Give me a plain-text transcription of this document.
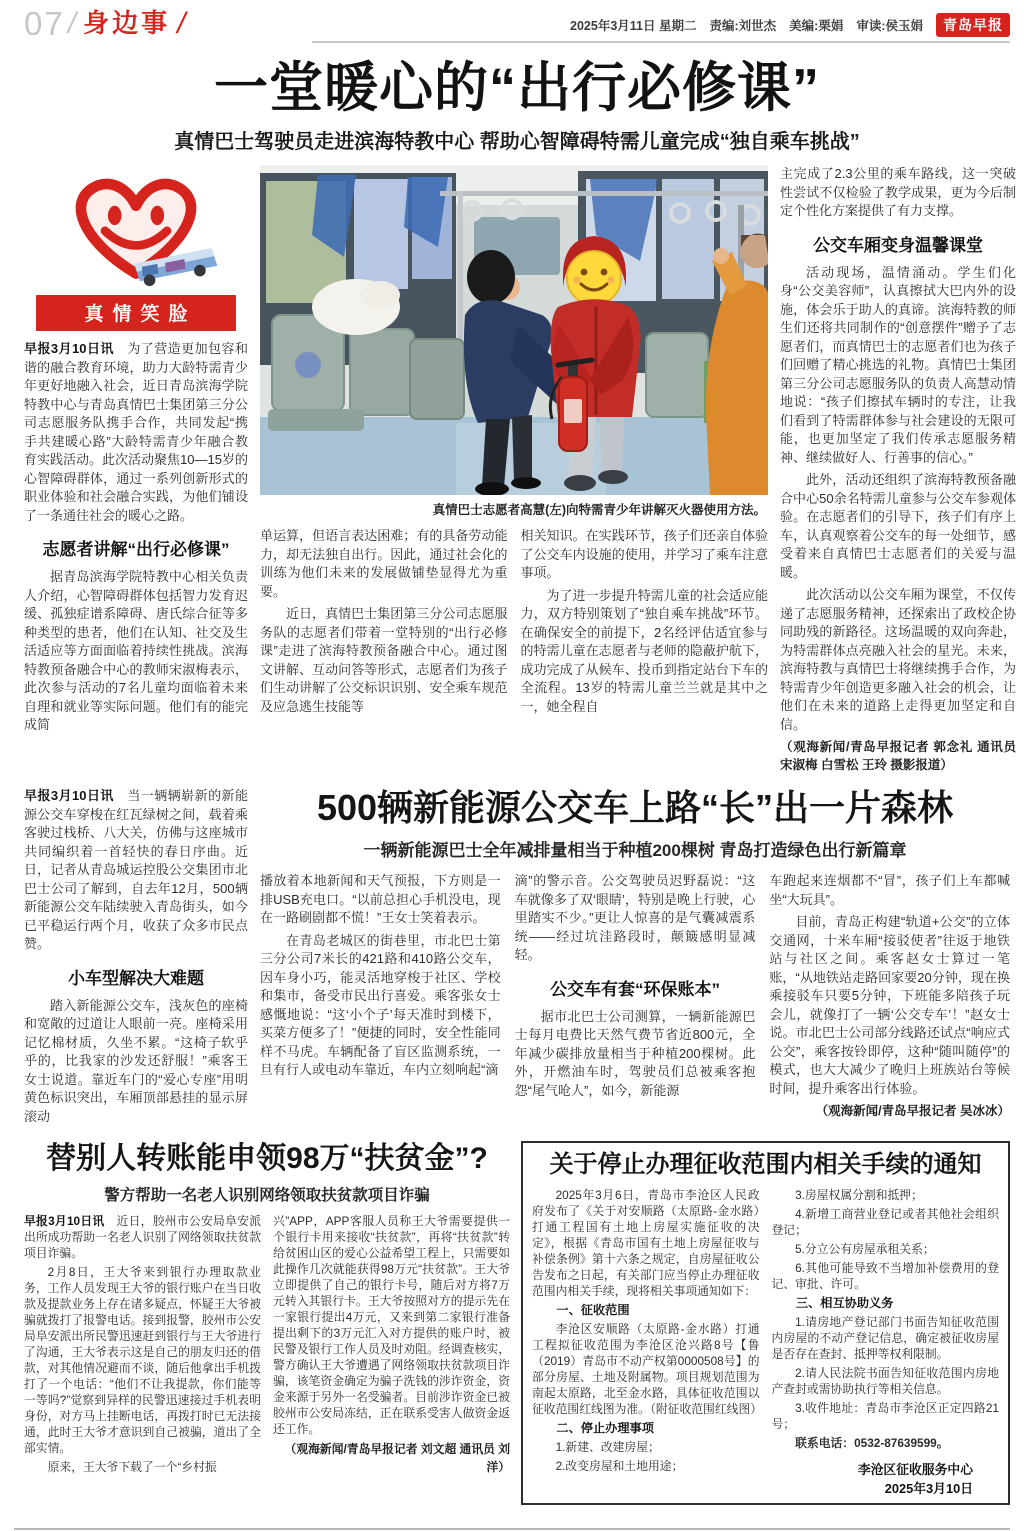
07 / 身边事 /	2025年3月11日 星期二 责编:刘世杰 美编:栗娟 审读:侯玉娟	青岛早报
一堂暖心的“出行必修课”
真情巴士驾驶员走进滨海特教中心 帮助心智障碍特需儿童完成“独自乘车挑战”
真情笑脸

早报3月10日讯　为了营造更加包容和谐的融合教育环境，助力大龄特需青少年更好地融入社会，近日青岛滨海学院特教中心与青岛真情巴士集团第三分公司志愿服务队携手合作，共同发起“携手共建暖心路”大龄特需青少年融合教育实践活动。此次活动聚焦10—15岁的心智障碍群体，通过一系列创新形式的职业体验和社会融合实践，为他们铺设了一条通往社会的暖心之路。

志愿者讲解“出行必修课”

据青岛滨海学院特教中心相关负责人介绍，心智障碍群体包括智力发育迟缓、孤独症谱系障碍、唐氏综合征等多种类型的患者，他们在认知、社交及生活适应等方面面临着持续性挑战。滨海特教预备融合中心的教师宋淑梅表示，此次参与活动的7名儿童均面临着未来自理和就业等实际问题。他们有的能完成简

真情巴士志愿者高慧(左)向特需青少年讲解灭火器使用方法。

单运算，但语言表达困难；有的具备劳动能力，却无法独自出行。因此，通过社会化的训练为他们未来的发展做铺垫显得尤为重要。

近日，真情巴士集团第三分公司志愿服务队的志愿者们带着一堂特别的“出行必修课”走进了滨海特教预备融合中心。通过图文讲解、互动问答等形式，志愿者们为孩子们生动讲解了公交标识识别、安全乘车规范及应急逃生技能等

相关知识。在实践环节，孩子们还亲自体验了公交车内设施的使用，并学习了乘车注意事项。

为了进一步提升特需儿童的社会适应能力，双方特别策划了“独自乘车挑战”环节。在确保安全的前提下，2名经评估适宜参与的特需儿童在志愿者与老师的隐蔽护航下，成功完成了从候车、投币到指定站台下车的全流程。13岁的特需儿童兰兰就是其中之一，她全程自

主完成了2.3公里的乘车路线，这一突破性尝试不仅检验了教学成果，更为今后制定个性化方案提供了有力支撑。

公交车厢变身温馨课堂

活动现场，温情涌动。学生们化身“公交美容师”，认真擦拭大巴内外的设施，体会乐于助人的真谛。滨海特教的师生们还将共同制作的“创意摆件”赠予了志愿者们，而真情巴士的志愿者们也为孩子们回赠了精心挑选的礼物。真情巴士集团第三分公司志愿服务队的负责人高慧动情地说：“孩子们擦拭车辆时的专注，让我们看到了特需群体参与社会建设的无限可能，也更加坚定了我们传承志愿服务精神、继续做好人、行善事的信心。”

此外，活动还组织了滨海特教预备融合中心50余名特需儿童参与公交车参观体验。在志愿者们的引导下，孩子们有序上车，认真观察着公交车的每一处细节，感受着来自真情巴士志愿者们的关爱与温暖。

此次活动以公交车厢为课堂，不仅传递了志愿服务精神，还探索出了政校企协同助残的新路径。这场温暖的双向奔赴，为特需群体点亮融入社会的星光。未来，滨海特教与真情巴士将继续携手合作，为特需青少年创造更多融入社会的机会，让他们在未来的道路上走得更加坚定和自信。

（观海新闻/青岛早报记者 郭念礼 通讯员 宋淑梅 白雪松 王玲 摄影报道）

早报3月10日讯　当一辆辆崭新的新能源公交车穿梭在红瓦绿树之间，载着乘客驶过栈桥、八大关，仿佛与这座城市共同编织着一首轻快的春日序曲。近日，记者从青岛城运控股公交集团市北巴士公司了解到，自去年12月，500辆新能源公交车陆续驶入青岛街头，如今已平稳运行两个月，收获了众多市民点赞。

小车型解决大难题

踏入新能源公交车，浅灰色的座椅和宽敞的过道让人眼前一亮。座椅采用记忆棉材质，久坐不累。“这椅子软乎乎的，比我家的沙发还舒服！”乘客王女士说道。靠近车门的“爱心专座”用明黄色标识突出，车厢顶部悬挂的显示屏滚动

500辆新能源公交车上路“长”出一片森林
一辆新能源巴士全年减排量相当于种植200棵树 青岛打造绿色出行新篇章

播放着本地新闻和天气预报，下方则是一排USB充电口。“以前总担心手机没电，现在一路刷剧都不慌！”王女士笑着表示。

在青岛老城区的街巷里，市北巴士第三分公司7米长的421路和410路公交车，因车身小巧，能灵活地穿梭于社区、学校和集市，备受市民出行喜爱。乘客张女士感慨地说：“这‘小个子’每天准时到楼下，买菜方便多了！”便捷的同时，安全性能同样不马虎。车辆配备了盲区监测系统，一旦有行人或电动车靠近，车内立刻响起“滴

滴”的警示音。公交驾驶员迟野磊说：“这车就像多了双‘眼睛’，特别是晚上行驶，心里踏实不少。”更让人惊喜的是气囊减震系统——经过坑洼路段时，颠簸感明显减轻。

公交车有套“环保账本”

据市北巴士公司测算，一辆新能源巴士每月电费比天然气费节省近800元，全年减少碳排放量相当于种植200棵树。此外，开燃油车时，驾驶员们总被乘客抱怨“尾气呛人”，如今，新能源

车跑起来连烟都不“冒”，孩子们上车都喊坐“大玩具”。

目前，青岛正构建“轨道+公交”的立体交通网，十米车厢“接驳使者”往返于地铁站与社区之间。乘客赵女士算过一笔账，“从地铁站走路回家要20分钟，现在换乘接驳车只要5分钟，下班能多陪孩子玩会儿，就像打了一辆‘公交专车’！”赵女士说。市北巴士公司部分线路还试点“响应式公交”，乘客按铃即停，这种“随叫随停”的模式，也大大减少了晚归上班族站台等候时间，提升乘客出行体验。

（观海新闻/青岛早报记者 吴冰冰）

替别人转账能申领98万“扶贫金”?
警方帮助一名老人识别网络领取扶贫款项目诈骗

早报3月10日讯　近日，胶州市公安局阜安派出所成功帮助一名老人识别了网络领取扶贫款项目诈骗。

2月8日，王大爷来到银行办理取款业务，工作人员发现王大爷的银行账户在当日收款及提款业务上存在诸多疑点，怀疑王大爷被骗就拨打了报警电话。接到报警，胶州市公安局阜安派出所民警迅速赶到银行与王大爷进行了沟通，王大爷表示这是自己的朋友归还的借款，对其他情况避而不谈，随后他拿出手机拨打了一个电话：“他们不让我提款，你们能等一等吗?”觉察到异样的民警迅速接过手机表明身份，对方马上挂断电话，再拨打时已无法接通，此时王大爷才意识到自己被骗，道出了全部实情。

原来，王大爷下载了一个“乡村振

兴”APP，APP客服人员称王大爷需要提供一个银行卡用来接收“扶贫款”，再将“扶贫款”转给贫困山区的爱心公益希望工程上，只需要如此操作几次就能获得98万元“扶贫款”。王大爷立即提供了自己的银行卡号，随后对方将7万元转入其银行卡。王大爷按照对方的提示先在一家银行提出4万元，又来到第二家银行准备提出剩下的3万元汇入对方提供的账户时，被民警及银行工作人员及时劝阻。经调查核实，警方确认王大爷遭遇了网络领取扶贫款项目诈骗，该笔资金确定为骗子洗钱的涉诈资金，资金来源于另外一名受骗者。目前涉诈资金已被胶州市公安局冻结，正在联系受害人做资金返还工作。

（观海新闻/青岛早报记者 刘文超 通讯员 刘洋）

关于停止办理征收范围内相关手续的通知

2025年3月6日，青岛市李沧区人民政府发布了《关于对安顺路（太原路-金水路）打通工程国有土地上房屋实施征收的决定》，根据《青岛市国有土地上房屋征收与补偿条例》第十六条之规定，自房屋征收公告发布之日起，有关部门应当停止办理征收范围内相关手续，现将相关事项通知如下：

一、征收范围

李沧区安顺路（太原路-金水路）打通工程拟征收范围为李沧区沧兴路8号【鲁（2019）青岛市不动产权第0000508号】的部分房屋、土地及附属物。项目规划范围为南起太原路，北至金水路，具体征收范围以征收范围红线图为准。（附征收范围红线图）

二、停止办理事项

1.新建、改建房屋；

2.改变房屋和土地用途；

3.房屋权属分割和抵押；

4.新增工商营业登记或者其他社会组织登记；

5.分立公有房屋承租关系；

6.其他可能导致不当增加补偿费用的登记、审批、许可。

三、相互协助义务

1.请房地产登记部门书面告知征收范围内房屋的不动产登记信息，确定被征收房屋是否存在查封、抵押等权利限制。

2.请人民法院书面告知征收范围内房地产查封或需协助执行等相关信息。

3.收件地址：青岛市李沧区正定四路21号；

联系电话：0532-87639599。

李沧区征收服务中心

2025年3月10日
